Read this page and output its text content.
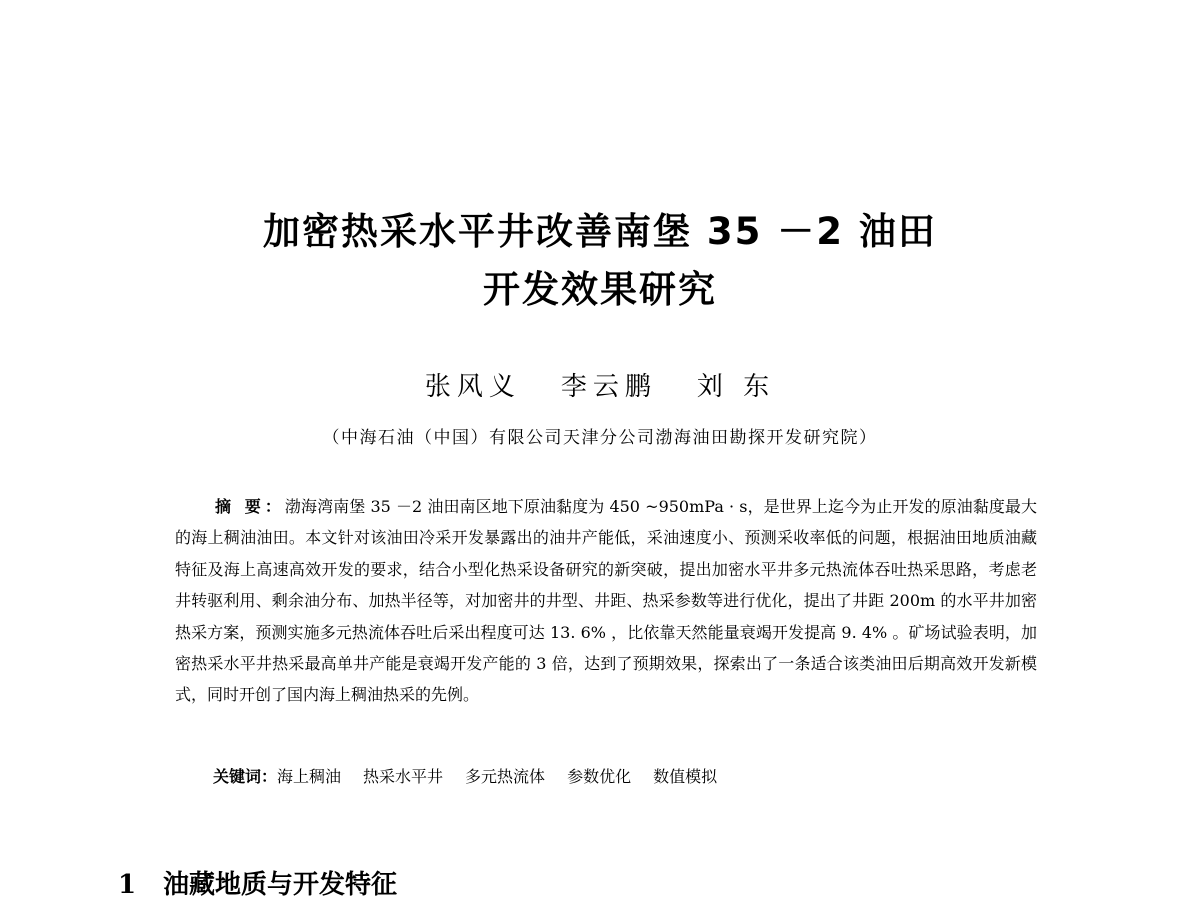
加密热采水平井改善南堡 35 －2 油田
开发效果研究
张风义 李云鹏 刘 东
（中海石油（中国）有限公司天津分公司渤海油田勘探开发研究院）
摘 要：渤海湾南堡 35 －2 油田南区地下原油黏度为 450 ~950mPa · s，是世界上迄今为止开发的原油黏度最大的海上稠油油田。本文针对该油田冷采开发暴露出的油井产能低，采油速度小、预测采收率低的问题，根据油田地质油藏特征及海上高速高效开发的要求，结合小型化热采设备研究的新突破，提出加密水平井多元热流体吞吐热采思路，考虑老井转驱利用、剩余油分布、加热半径等，对加密井的井型、井距、热采参数等进行优化，提出了井距 200m 的水平井加密热采方案，预测实施多元热流体吞吐后采出程度可达 13. 6% ，比依靠天然能量衰竭开发提高 9. 4% 。矿场试验表明，加密热采水平井热采最高单井产能是衰竭开发产能的 3 倍，达到了预期效果，探索出了一条适合该类油田后期高效开发新模式，同时开创了国内海上稠油热采的先例。
关键词：海上稠油 热采水平井 多元热流体 参数优化 数值模拟
1 油藏地质与开发特征
